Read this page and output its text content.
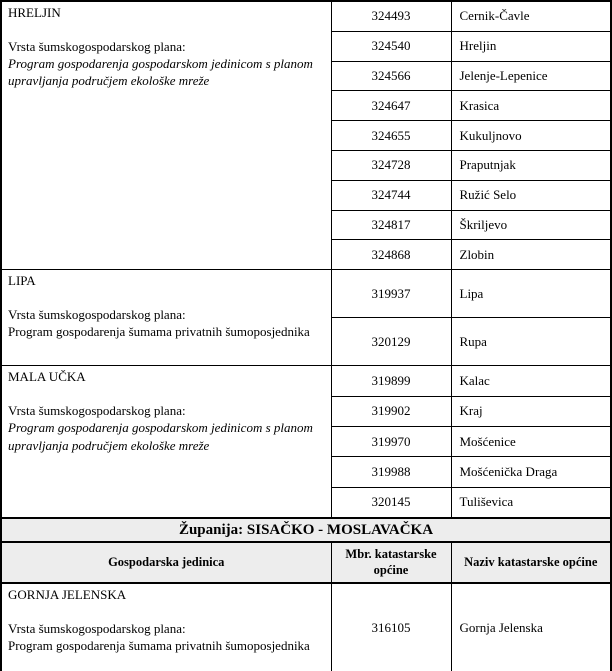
HRELJIN
Vrsta šumskogospodarskog plana:
Program gospodarenja gospodarskom jedinicom s planom upravljanja područjem ekološke mreže	324493	Cernik-Čavle
	324540	Hreljin
	324566	Jelenje-Lepenice
	324647	Krasica
	324655	Kukuljnovo
	324728	Praputnjak
	324744	Ružić Selo
	324817	Škriljevo
	324868	Zlobin

LIPA
Vrsta šumskogospodarskog plana:
Program gospodarenja šumama privatnih šumoposjednika	319937	Lipa
	320129	Rupa

MALA UČKA
Vrsta šumskogospodarskog plana:
Program gospodarenja gospodarskom jedinicom s planom upravljanja područjem ekološke mreže	319899	Kalac
	319902	Kraj
	319970	Mošćenice
	319988	Mošćenička Draga
	320145	Tuliševica
Županija: SISAČKO - MOSLAVAČKA		
Gospodarska jedinica	Mbr. katastarske općine	Naziv katastarske općine

GORNJA JELENSKA
Vrsta šumskogospodarskog plana:
Program gospodarenja šumama privatnih šumoposjednika	316105	Gornja Jelenska
